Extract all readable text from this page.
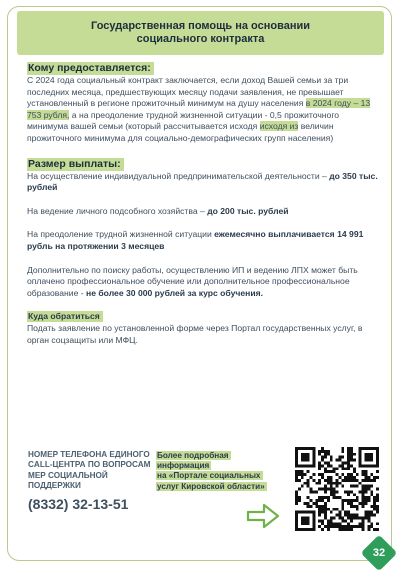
Государственная помощь на основании социального контракта
Кому предоставляется:

С 2024 года социальный контракт заключается, если доход Вашей семьи за три последних месяца, предшествующих месяцу подачи заявления, не превышает установленный в регионе прожиточный минимум на душу населения в 2024 году – 13 753 рубля, а на преодоление трудной жизненной ситуации - 0,5 прожиточного минимума вашей семьи (который рассчитывается исходя исходя из величин прожиточного минимума для социально-демографических групп населения)

Размер выплаты:

На осуществление индивидуальной предпринимательской деятельности – до 350 тыс. рублей

На ведение личного подсобного хозяйства – до 200 тыс. рублей

На преодоление трудной жизненной ситуации ежемесячно выплачивается 14 991 рубль на протяжении 3 месяцев

Дополнительно по поиску работы, осуществлению ИП и ведению ЛПХ может быть оплачено профессиональное обучение или дополнительное профессиональное образование - не более 30 000 рублей за курс обучения.

Куда обратиться

Подать заявление по установленной форме через Портал государственных услуг, в орган соцзащиты или МФЦ.

НОМЕР ТЕЛЕФОНА ЕДИНОГО CALL-ЦЕНТРА ПО ВОПРОСАМ МЕР СОЦИАЛЬНОЙ ПОДДЕРЖКИ
(8332) 32-13-51
Более подробная
информация
на «Портале социальных
услуг Кировской области»
32
